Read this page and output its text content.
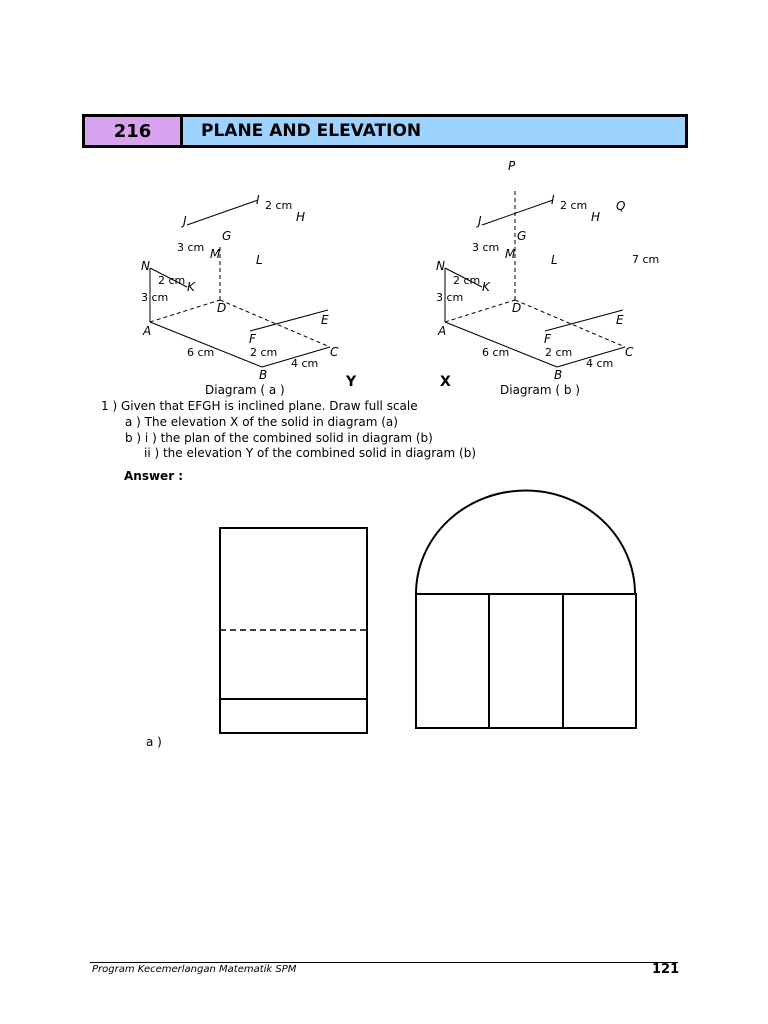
216	PLANE AND ELEVATION
J
I
H
G
M	L
N
K
A
D
F
E
B
C
2 cm
3 cm
2 cm
3 cm
6 cm	2 cm
4 cm
Diagram ( a )	Y
P
J
I
H
Q
G
M	L
N
K
A
D
F
E
B
C
2 cm
3 cm
7 cm
2 cm
3 cm
6 cm	2 cm
4 cm
Diagram ( b )
X
1 ) Given that EFGH is inclined plane. Draw full scale
a ) The elevation X of the solid in diagram (a)
b ) i ) the plan of the combined solid in diagram (b)
ii ) the elevation Y of the combined solid in diagram (b)
Answer :
a )
Program Kecemerlangan Matematik SPM	121
